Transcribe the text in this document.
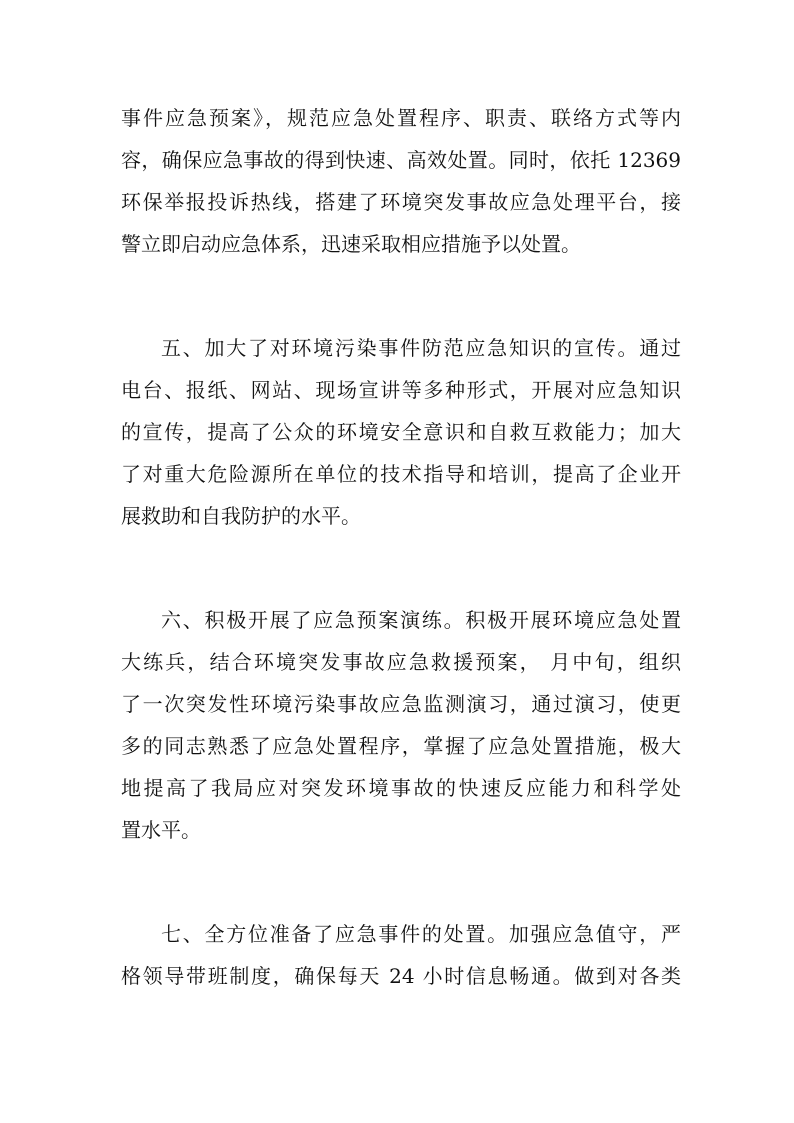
事件应急预案》，规范应急处置程序、职责、联络方式等内
容，确保应急事故的得到快速、高效处置。同时，依托 12369
环保举报投诉热线，搭建了环境突发事故应急处理平台，接
警立即启动应急体系，迅速采取相应措施予以处置。
五、加大了对环境污染事件防范应急知识的宣传。通过
电台、报纸、网站、现场宣讲等多种形式，开展对应急知识
的宣传，提高了公众的环境安全意识和自救互救能力；加大
了对重大危险源所在单位的技术指导和培训，提高了企业开
展救助和自我防护的水平。
六、积极开展了应急预案演练。积极开展环境应急处置
大练兵，结合环境突发事故应急救援预案， 月中旬，组织
了一次突发性环境污染事故应急监测演习，通过演习，使更
多的同志熟悉了应急处置程序，掌握了应急处置措施，极大
地提高了我局应对突发环境事故的快速反应能力和科学处
置水平。
七、全方位准备了应急事件的处置。加强应急值守，严
格领导带班制度，确保每天 24 小时信息畅通。做到对各类
